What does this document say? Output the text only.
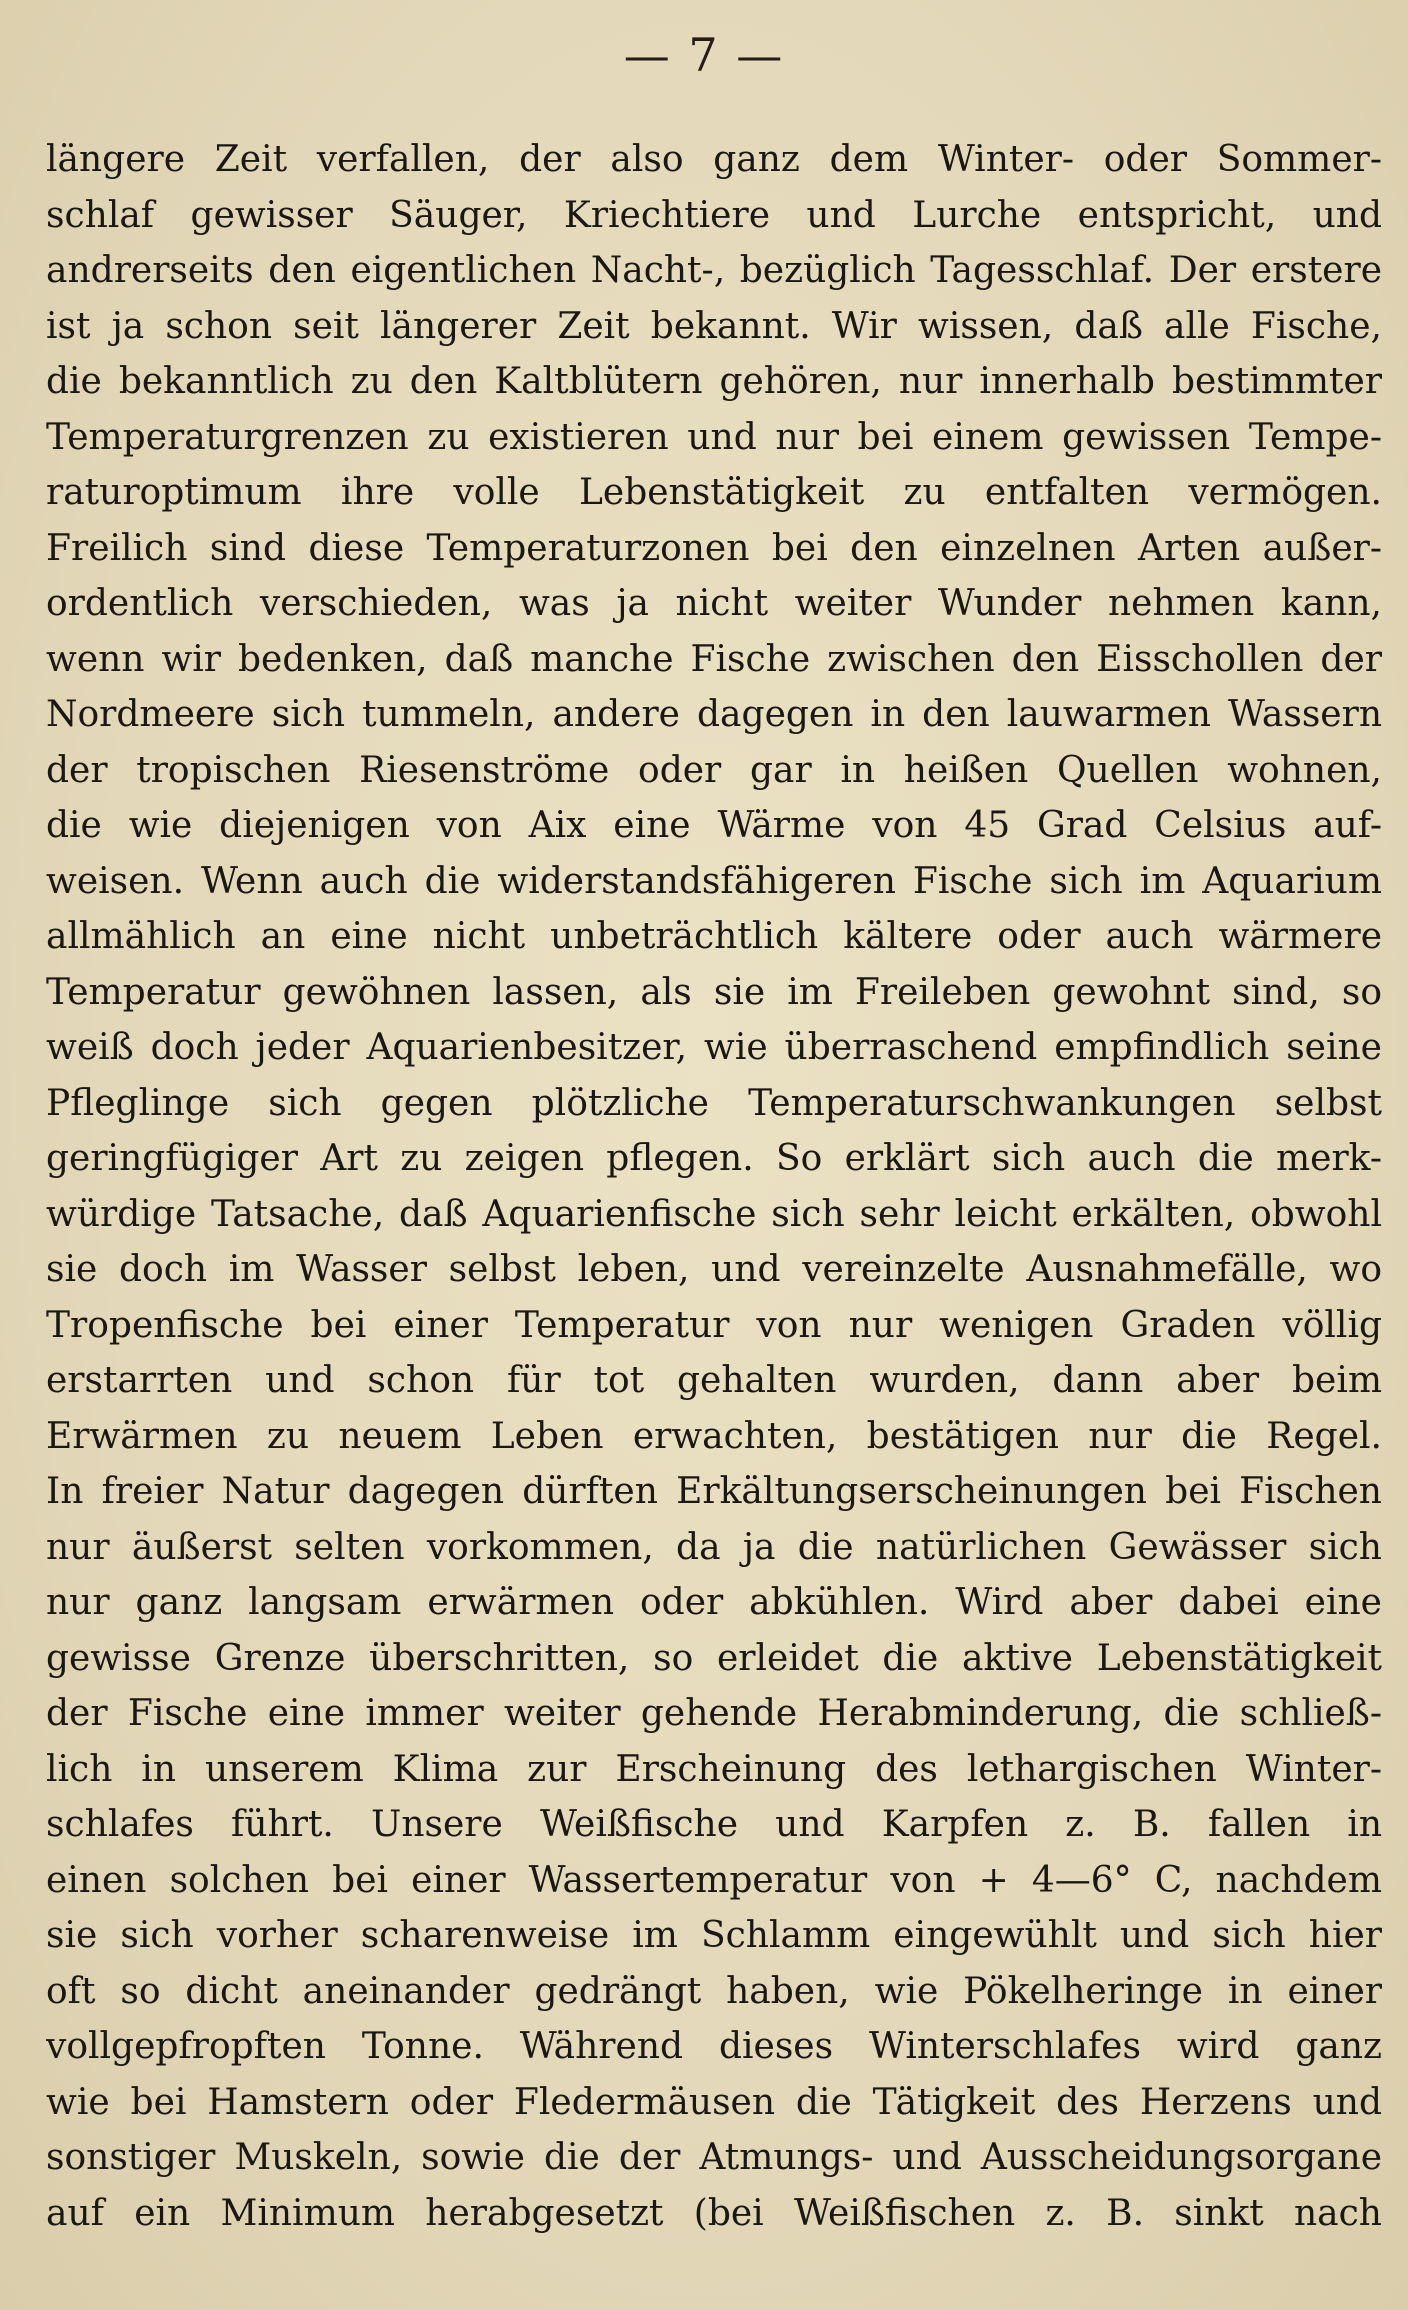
— 7 —
längere Zeit verfallen, der also ganz dem Winter- oder Sommer-
schlaf gewisser Säuger, Kriechtiere und Lurche entspricht, und
andrerseits den eigentlichen Nacht-, bezüglich Tagesschlaf. Der erstere
ist ja schon seit längerer Zeit bekannt. Wir wissen, daß alle Fische,
die bekanntlich zu den Kaltblütern gehören, nur innerhalb bestimmter
Temperaturgrenzen zu existieren und nur bei einem gewissen Tempe-
raturoptimum ihre volle Lebenstätigkeit zu entfalten vermögen.
Freilich sind diese Temperaturzonen bei den einzelnen Arten außer-
ordentlich verschieden, was ja nicht weiter Wunder nehmen kann,
wenn wir bedenken, daß manche Fische zwischen den Eisschollen der
Nordmeere sich tummeln, andere dagegen in den lauwarmen Wassern
der tropischen Riesenströme oder gar in heißen Quellen wohnen,
die wie diejenigen von Aix eine Wärme von 45 Grad Celsius auf-
weisen. Wenn auch die widerstandsfähigeren Fische sich im Aquarium
allmählich an eine nicht unbeträchtlich kältere oder auch wärmere
Temperatur gewöhnen lassen, als sie im Freileben gewohnt sind, so
weiß doch jeder Aquarienbesitzer, wie überraschend empfindlich seine
Pfleglinge sich gegen plötzliche Temperaturschwankungen selbst
geringfügiger Art zu zeigen pflegen. So erklärt sich auch die merk-
würdige Tatsache, daß Aquarienfische sich sehr leicht erkälten, obwohl
sie doch im Wasser selbst leben, und vereinzelte Ausnahmefälle, wo
Tropenfische bei einer Temperatur von nur wenigen Graden völlig
erstarrten und schon für tot gehalten wurden, dann aber beim
Erwärmen zu neuem Leben erwachten, bestätigen nur die Regel.
In freier Natur dagegen dürften Erkältungserscheinungen bei Fischen
nur äußerst selten vorkommen, da ja die natürlichen Gewässer sich
nur ganz langsam erwärmen oder abkühlen. Wird aber dabei eine
gewisse Grenze überschritten, so erleidet die aktive Lebenstätigkeit
der Fische eine immer weiter gehende Herabminderung, die schließ-
lich in unserem Klima zur Erscheinung des lethargischen Winter-
schlafes führt. Unsere Weißfische und Karpfen z. B. fallen in
einen solchen bei einer Wassertemperatur von + 4—6° C, nachdem
sie sich vorher scharenweise im Schlamm eingewühlt und sich hier
oft so dicht aneinander gedrängt haben, wie Pökelheringe in einer
vollgepfropften Tonne. Während dieses Winterschlafes wird ganz
wie bei Hamstern oder Fledermäusen die Tätigkeit des Herzens und
sonstiger Muskeln, sowie die der Atmungs- und Ausscheidungsorgane
auf ein Minimum herabgesetzt (bei Weißfischen z. B. sinkt nach
